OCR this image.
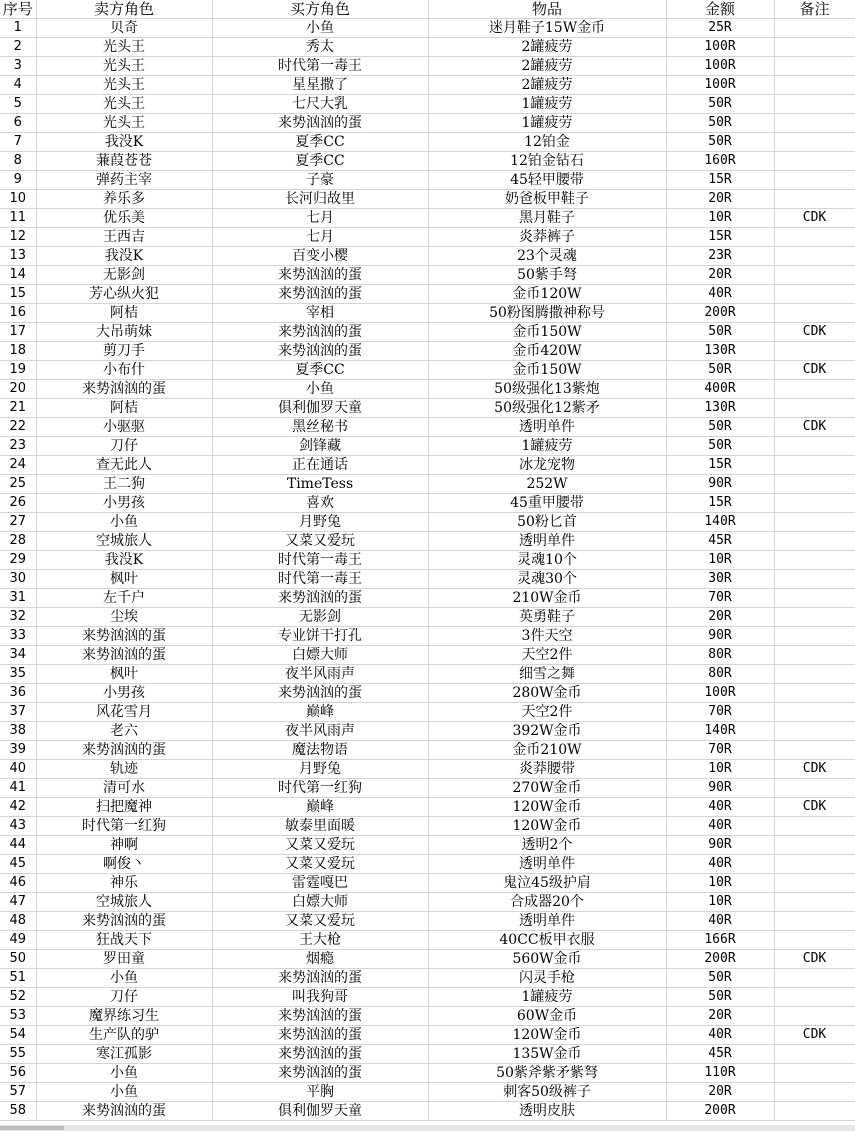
序号	卖方角色	买方角色	物品	金额	备注
1	贝奇	小鱼	迷月鞋子15W金币	25R	
2	光头王	秀太	2罐疲劳	100R	
3	光头王	时代第一毒王	2罐疲劳	100R	
4	光头王	星星撒了	2罐疲劳	100R	
5	光头王	七尺大乳	1罐疲劳	50R	
6	光头王	来势汹汹的蛋	1罐疲劳	50R	
7	我没K	夏季CC	12铂金	50R	
8	蒹葭苍苍	夏季CC	12铂金钻石	160R	
9	弹药主宰	子豪	45轻甲腰带	15R	
10	养乐多	长河归故里	奶爸板甲鞋子	20R	
11	优乐美	七月	黑月鞋子	10R	CDK
12	王西吉	七月	炎莽裤子	15R	
13	我没K	百变小樱	23个灵魂	23R	
14	无影剑	来势汹汹的蛋	50紫手弩	20R	
15	芳心纵火犯	来势汹汹的蛋	金币120W	40R	
16	阿桔	宰相	50粉图腾撒神称号	200R	
17	大吊萌妹	来势汹汹的蛋	金币150W	50R	CDK
18	剪刀手	来势汹汹的蛋	金币420W	130R	
19	小布什	夏季CC	金币150W	50R	CDK
20	来势汹汹的蛋	小鱼	50级强化13紫炮	400R	
21	阿桔	俱利伽罗天童	50级强化12紫矛	130R	
22	小驱驱	黑丝秘书	透明单件	50R	CDK
23	刀仔	剑锋藏	1罐疲劳	50R	
24	查无此人	正在通话	冰龙宠物	15R	
25	王二狗	TimeTess	252W	90R	
26	小男孩	喜欢	45重甲腰带	15R	
27	小鱼	月野兔	50粉匕首	140R	
28	空城旅人	又菜又爱玩	透明单件	45R	
29	我没K	时代第一毒王	灵魂10个	10R	
30	枫叶	时代第一毒王	灵魂30个	30R	
31	左千户	来势汹汹的蛋	210W金币	70R	
32	尘埃	无影剑	英勇鞋子	20R	
33	来势汹汹的蛋	专业饼干打孔	3件天空	90R	
34	来势汹汹的蛋	白嫖大师	天空2件	80R	
35	枫叶	夜半风雨声	细雪之舞	80R	
36	小男孩	来势汹汹的蛋	280W金币	100R	
37	风花雪月	巅峰	天空2件	70R	
38	老六	夜半风雨声	392W金币	140R	
39	来势汹汹的蛋	魔法物语	金币210W	70R	
40	轨迹	月野兔	炎莽腰带	10R	CDK
41	清可水	时代第一红狗	270W金币	90R	
42	扫把魔神	巅峰	120W金币	40R	CDK
43	时代第一红狗	敏泰里面暖	120W金币	40R	
44	神啊	又菜又爱玩	透明2个	90R	
45	啊俊丶	又菜又爱玩	透明单件	40R	
46	神乐	雷霆嘎巴	鬼泣45级护肩	10R	
47	空城旅人	白嫖大师	合成器20个	10R	
48	来势汹汹的蛋	又菜又爱玩	透明单件	40R	
49	狂战天下	王大枪	40CC板甲衣服	166R	
50	罗田童	烟瘾	560W金币	200R	CDK
51	小鱼	来势汹汹的蛋	闪灵手枪	50R	
52	刀仔	叫我狗哥	1罐疲劳	50R	
53	魔界练习生	来势汹汹的蛋	60W金币	20R	
54	生产队的驴	来势汹汹的蛋	120W金币	40R	CDK
55	寒江孤影	来势汹汹的蛋	135W金币	45R	
56	小鱼	来势汹汹的蛋	50紫斧紫矛紫弩	110R	
57	小鱼	平胸	刺客50级裤子	20R	
58	来势汹汹的蛋	俱利伽罗天童	透明皮肤	200R	
